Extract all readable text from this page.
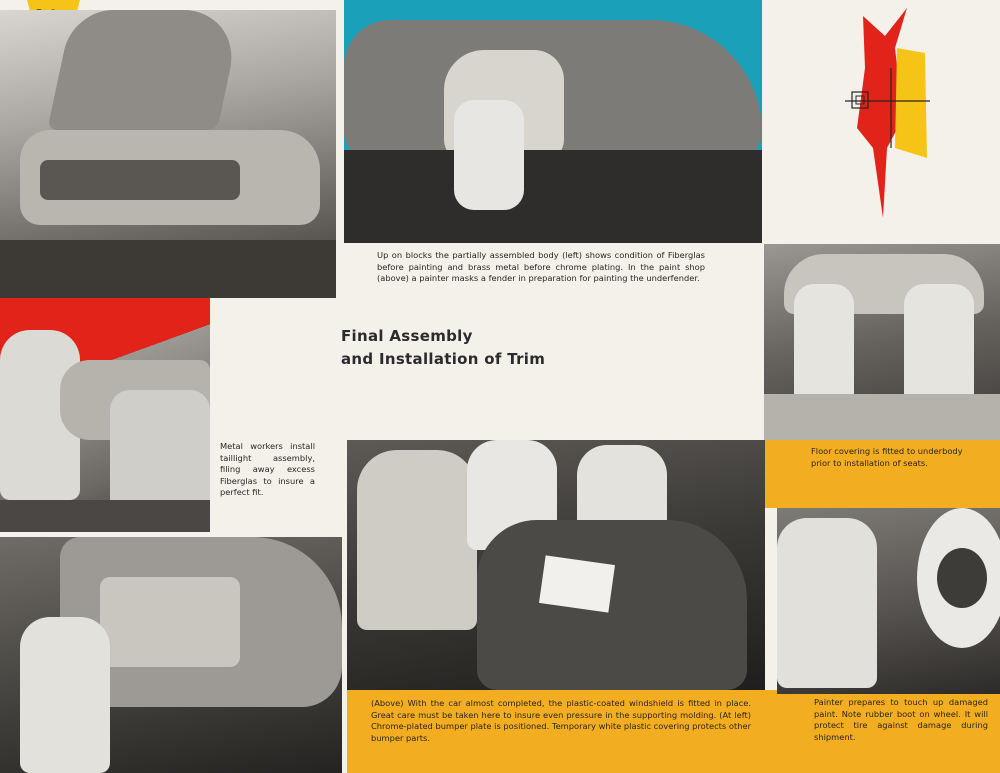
Up on blocks the partially assembled body (left) shows condition of Fiberglas before painting and brass metal before chrome plating. In the paint shop (above) a painter masks a fender in preparation for painting the underfender.

Floor covering is fitted to underbody prior to installation of seats.

Metal workers install taillight assembly, filing away excess Fiberglas to insure a perfect fit.

Final Assembly
and Installation of Trim

(Above) With the car almost completed, the plastic-coated windshield is fitted in place. Great care must be taken here to insure even pressure in the supporting molding. (At left) Chrome-plated bumper plate is positioned. Temporary white plastic covering protects other bumper parts.

Painter prepares to touch up damaged paint. Note rubber boot on wheel. It will protect tire against damage during shipment.
